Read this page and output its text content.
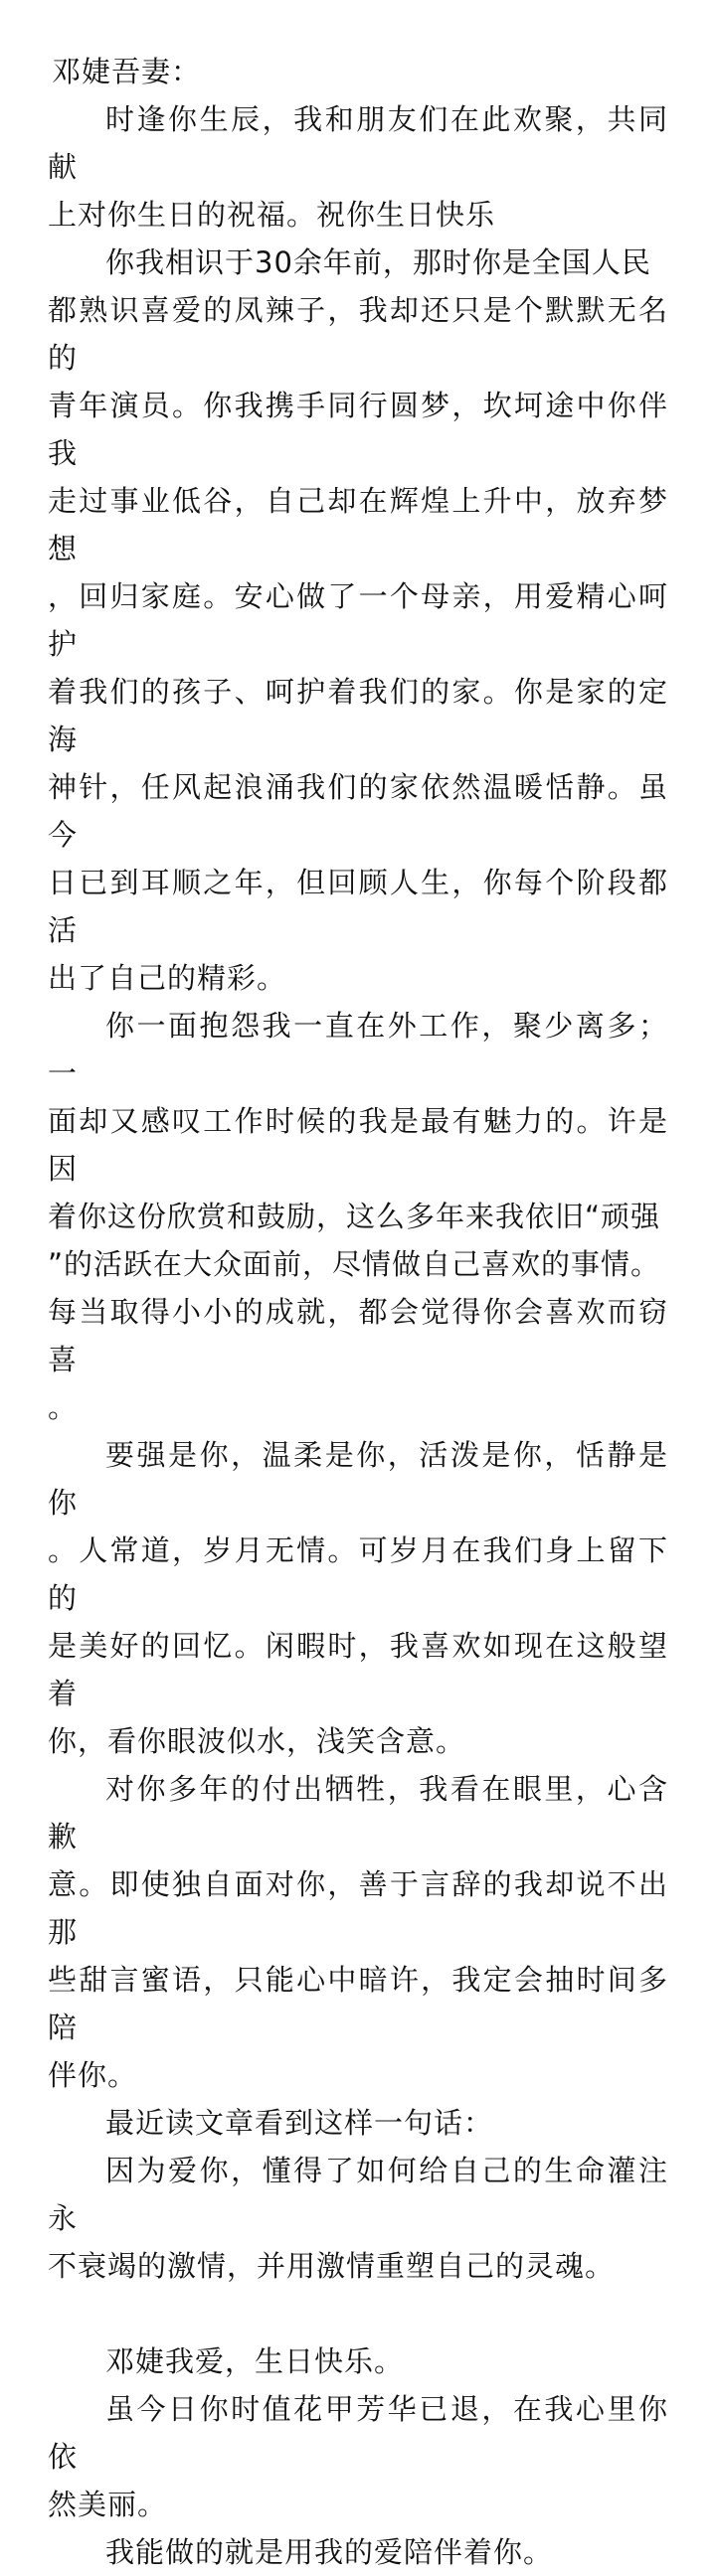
邓婕吾妻：

时逢你生辰，我和朋友们在此欢聚，共同献
上对你生日的祝福。祝你生日快乐

你我相识于30余年前，那时你是全国人民
都熟识喜爱的凤辣子，我却还只是个默默无名的
青年演员。你我携手同行圆梦，坎坷途中你伴我
走过事业低谷，自己却在辉煌上升中，放弃梦想
，回归家庭。安心做了一个母亲，用爱精心呵护
着我们的孩子、呵护着我们的家。你是家的定海
神针，任风起浪涌我们的家依然温暖恬静。虽今
日已到耳顺之年，但回顾人生，你每个阶段都活
出了自己的精彩。

你一面抱怨我一直在外工作，聚少离多；一
面却又感叹工作时候的我是最有魅力的。许是因
着你这份欣赏和鼓励，这么多年来我依旧“顽强
”的活跃在大众面前，尽情做自己喜欢的事情。
每当取得小小的成就，都会觉得你会喜欢而窃喜
。

要强是你，温柔是你，活泼是你，恬静是你
。人常道，岁月无情。可岁月在我们身上留下的
是美好的回忆。闲暇时，我喜欢如现在这般望着
你，看你眼波似水，浅笑含意。

对你多年的付出牺牲，我看在眼里，心含歉
意。即使独自面对你，善于言辞的我却说不出那
些甜言蜜语，只能心中暗许，我定会抽时间多陪
伴你。

最近读文章看到这样一句话：

因为爱你，懂得了如何给自己的生命灌注永
不衰竭的激情，并用激情重塑自己的灵魂。

邓婕我爱，生日快乐。

虽今日你时值花甲芳华已退，在我心里你依
然美丽。

我能做的就是用我的爱陪伴着你。
